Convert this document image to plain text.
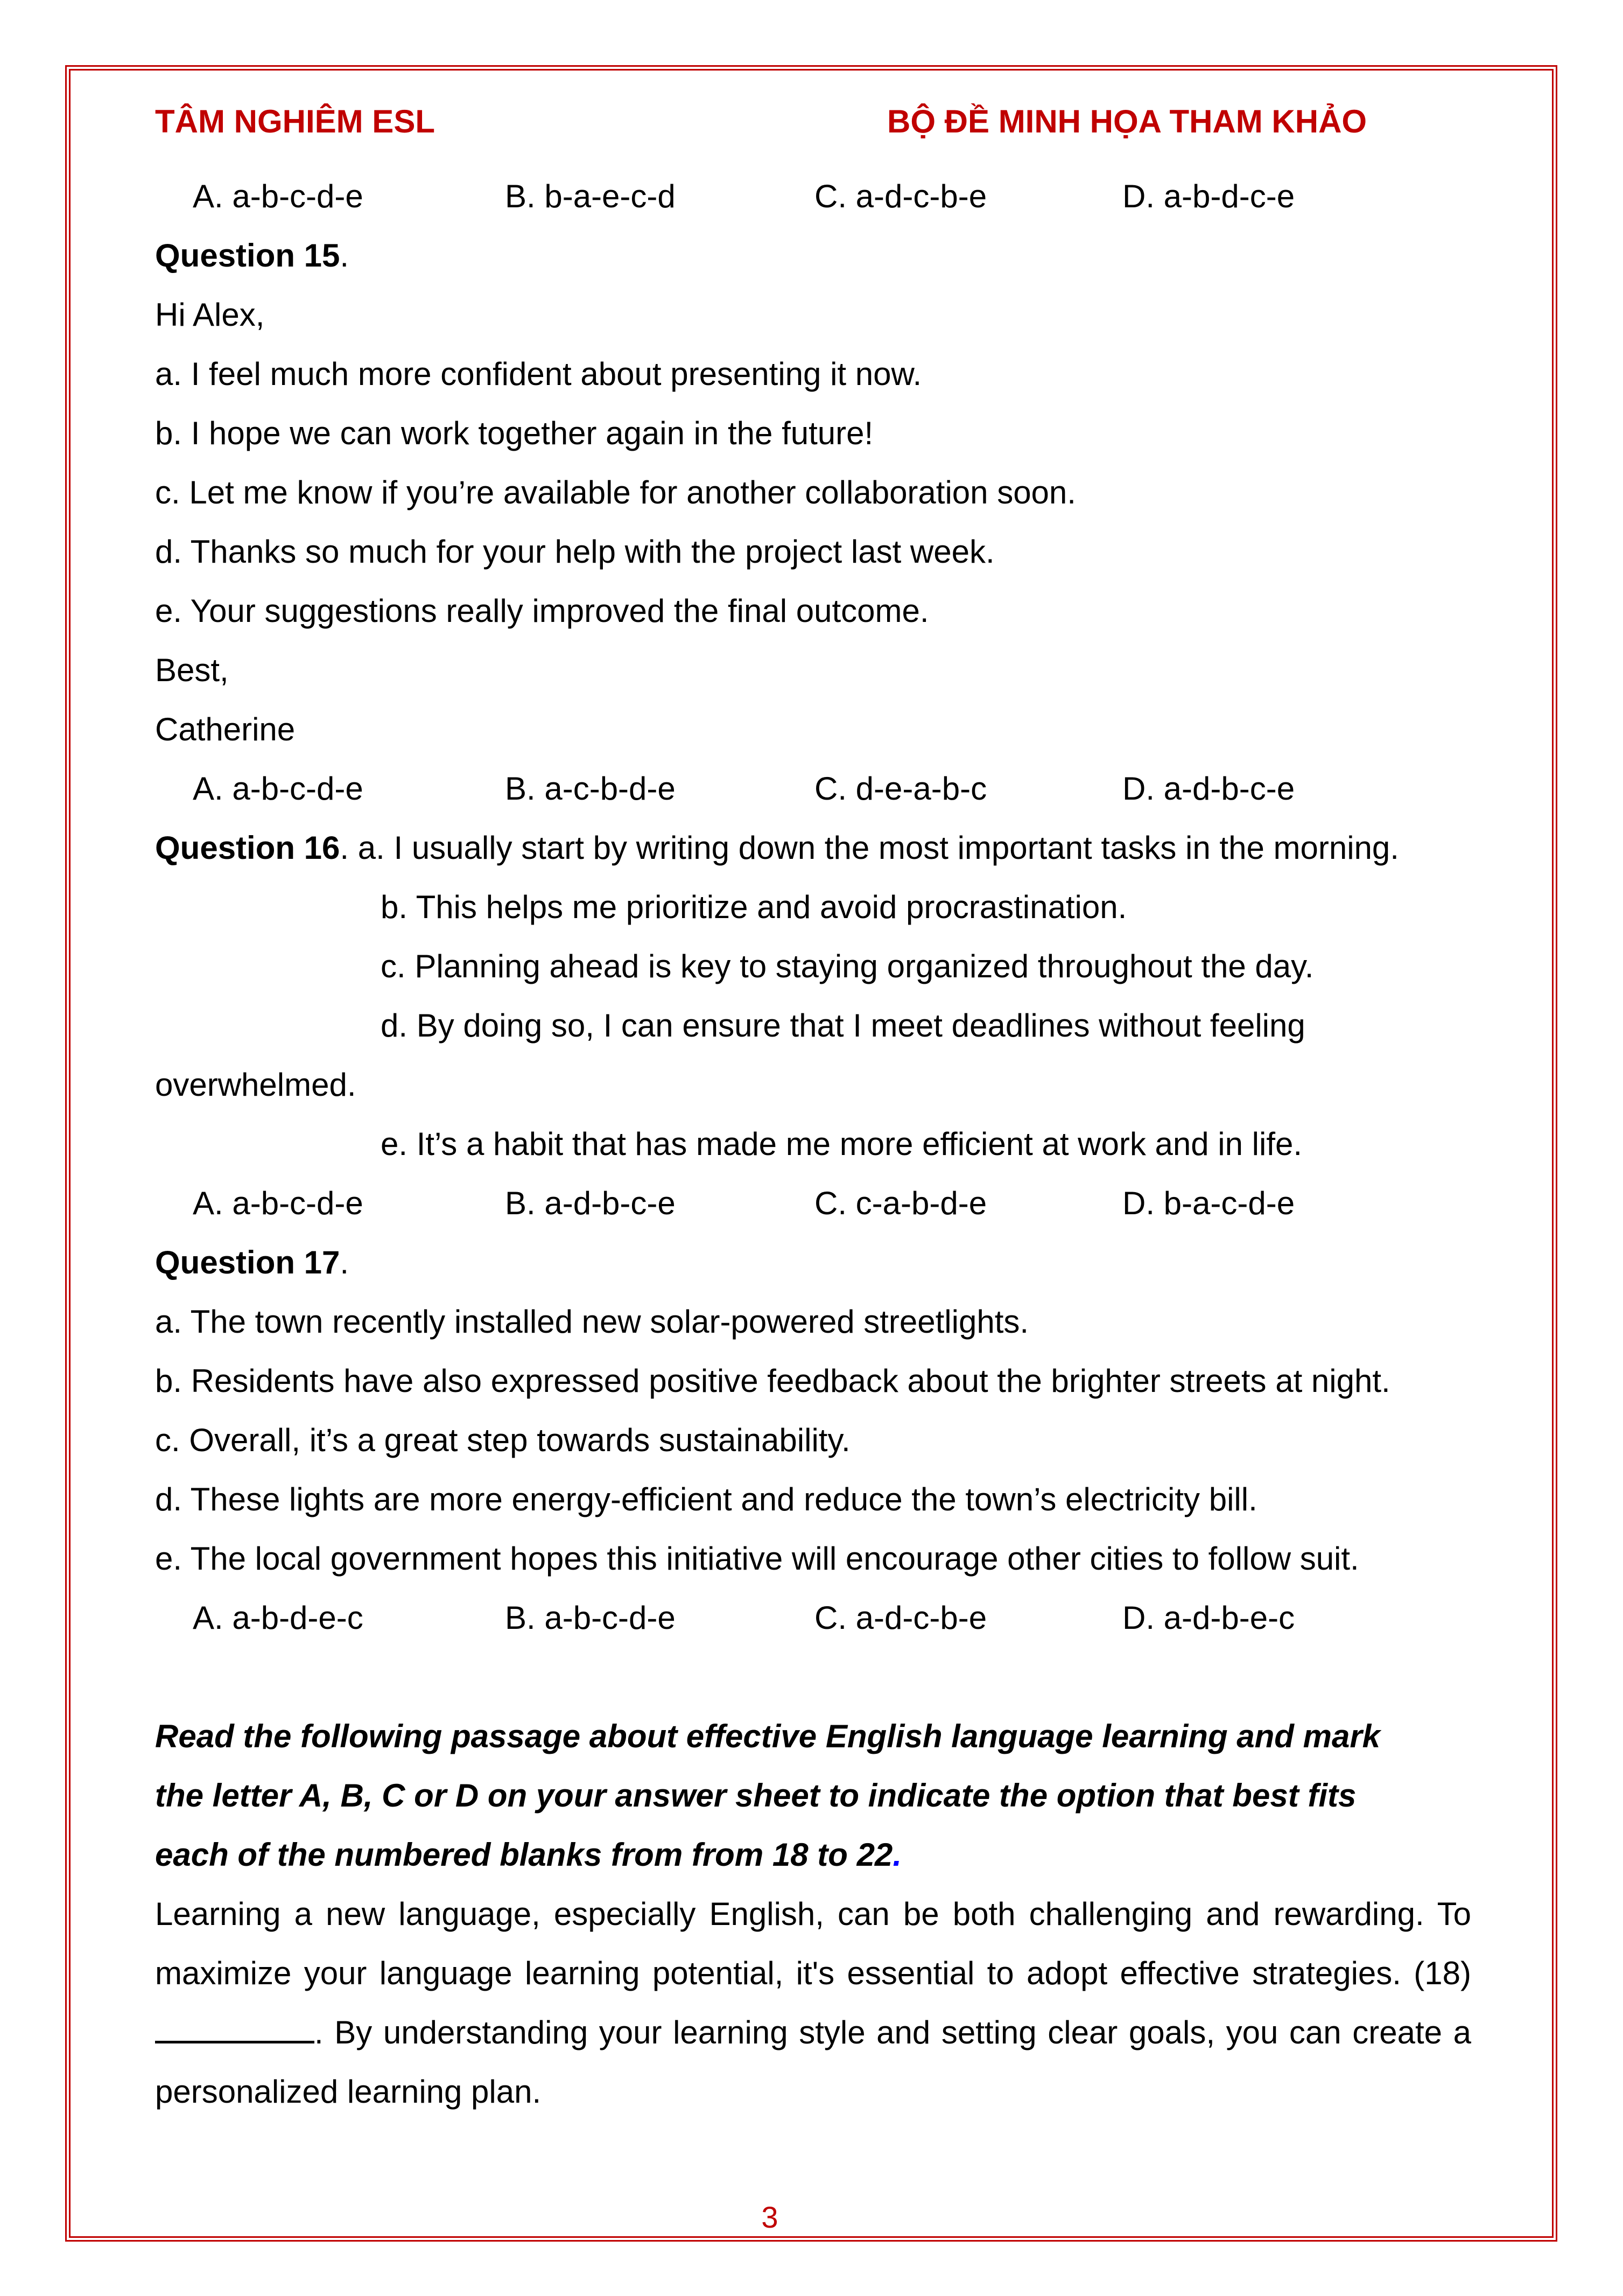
TÂM NGHIÊM ESL	BỘ ĐỀ MINH HỌA THAM KHẢO
A. a-b-c-d-e	B. b-a-e-c-d	C. a-d-c-b-e	D. a-b-d-c-e
Question 15.
Hi Alex,
a. I feel much more confident about presenting it now.
b. I hope we can work together again in the future!
c. Let me know if you’re available for another collaboration soon.
d. Thanks so much for your help with the project last week.
e. Your suggestions really improved the final outcome.
Best,
Catherine
A. a-b-c-d-e	B. a-c-b-d-e	C. d-e-a-b-c	D. a-d-b-c-e
Question 16. a. I usually start by writing down the most important tasks in the morning.
b. This helps me prioritize and avoid procrastination.
c. Planning ahead is key to staying organized throughout the day.
d. By doing so, I can ensure that I meet deadlines without feeling
overwhelmed.
e. It’s a habit that has made me more efficient at work and in life.
A. a-b-c-d-e	B. a-d-b-c-e	C. c-a-b-d-e	D. b-a-c-d-e
Question 17.
a. The town recently installed new solar-powered streetlights.
b. Residents have also expressed positive feedback about the brighter streets at night.
c. Overall, it’s a great step towards sustainability.
d. These lights are more energy-efficient and reduce the town’s electricity bill.
e. The local government hopes this initiative will encourage other cities to follow suit.
A. a-b-d-e-c	B. a-b-c-d-e	C. a-d-c-b-e	D. a-d-b-e-c
Read the following passage about effective English language learning and mark
the letter A, B, C or D on your answer sheet to indicate the option that best fits
each of the numbered blanks from from 18 to 22.
Learning a new language, especially English, can be both challenging and rewarding. To
maximize your language learning potential, it's essential to adopt effective strategies. (18)
. By understanding your learning style and setting clear goals, you can create a
personalized learning plan.
3
